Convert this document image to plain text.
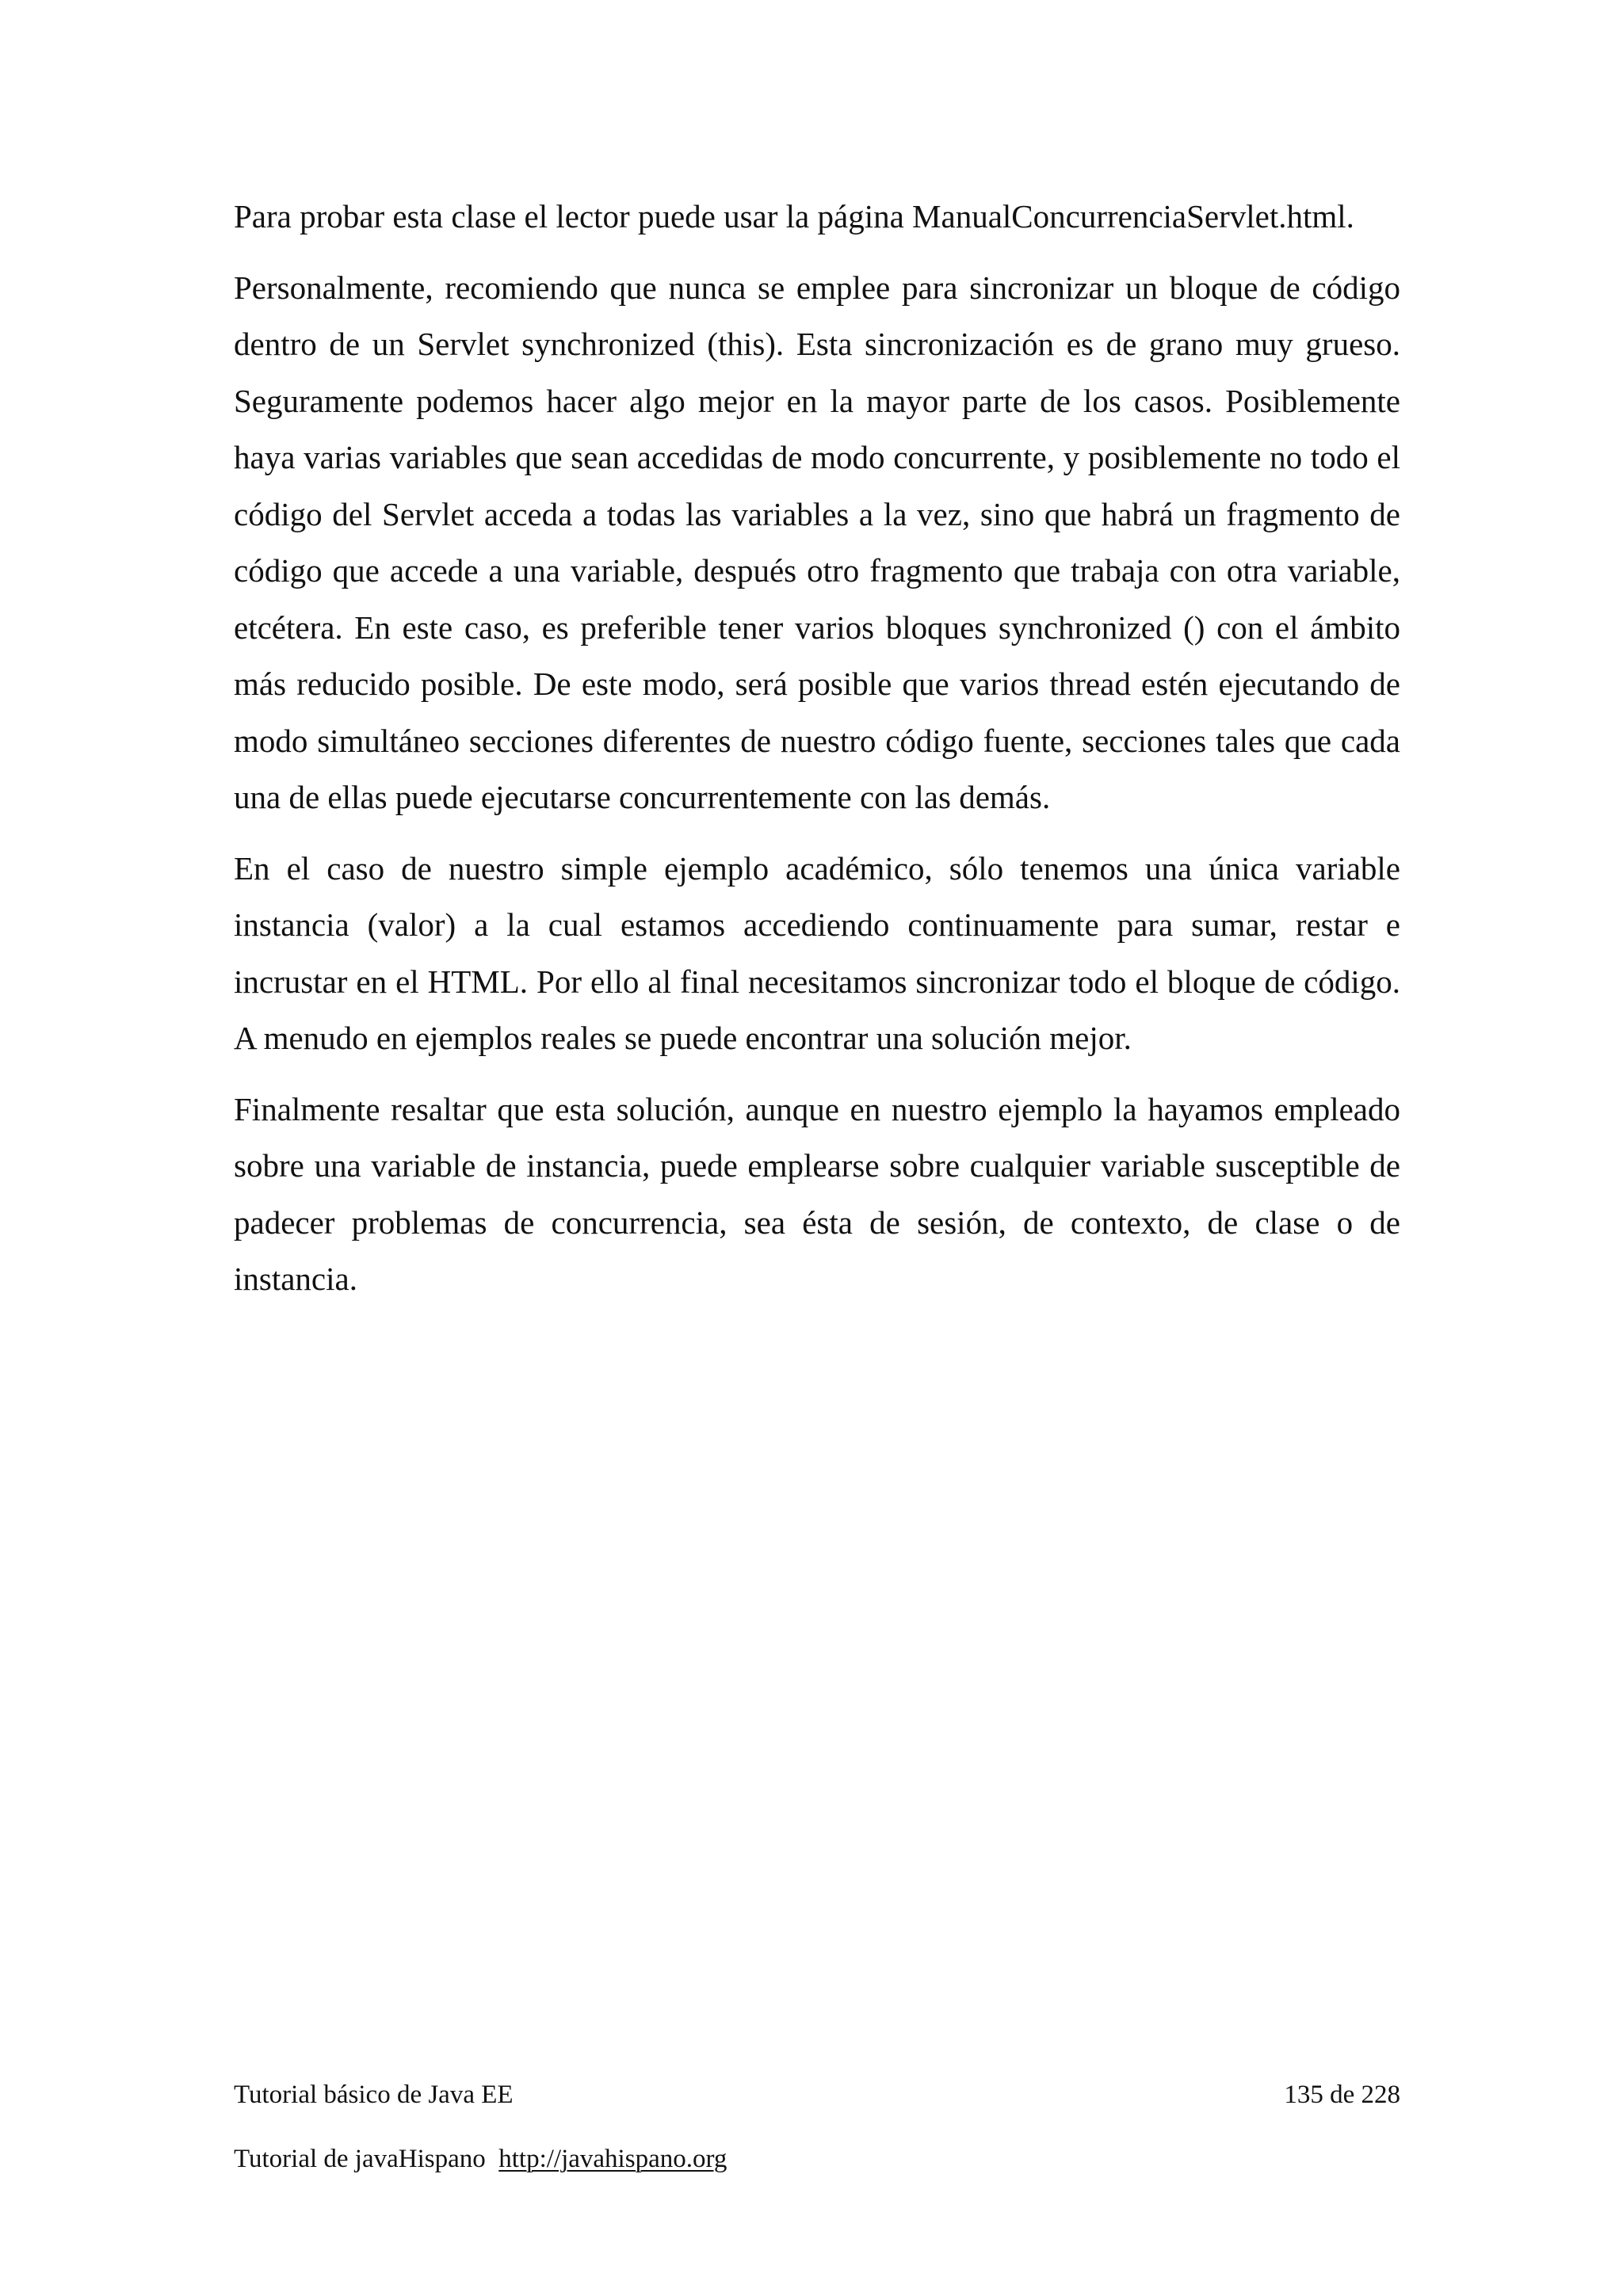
Para probar esta clase el lector puede usar la página ManualConcurrenciaServlet.html.

Personalmente, recomiendo que nunca se emplee para sincronizar un bloque de código dentro de un Servlet synchronized (this). Esta sincronización es de grano muy grueso. Seguramente podemos hacer algo mejor en la mayor parte de los casos. Posiblemente haya varias variables que sean accedidas de modo concurrente, y posiblemente no todo el código del Servlet acceda a todas las variables a la vez, sino que habrá un fragmento de código que accede a una variable, después otro fragmento que trabaja con otra variable, etcétera. En este caso, es preferible tener varios bloques synchronized () con el ámbito más reducido posible. De este modo, será posible que varios thread estén ejecutando de modo simultáneo secciones diferentes de nuestro código fuente, secciones tales que cada una de ellas puede ejecutarse concurrentemente con las demás.

En el caso de nuestro simple ejemplo académico, sólo tenemos una única variable instancia (valor) a la cual estamos accediendo continuamente para sumar, restar e incrustar en el HTML. Por ello al final necesitamos sincronizar todo el bloque de código. A menudo en ejemplos reales se puede encontrar una solución mejor.

Finalmente resaltar que esta solución, aunque en nuestro ejemplo la hayamos empleado sobre una variable de instancia, puede emplearse sobre cualquier variable susceptible de padecer problemas de concurrencia, sea ésta de sesión, de contexto, de clase o de instancia.

Tutorial básico de Java EE	135 de 228
Tutorial de javaHispano http://javahispano.org
